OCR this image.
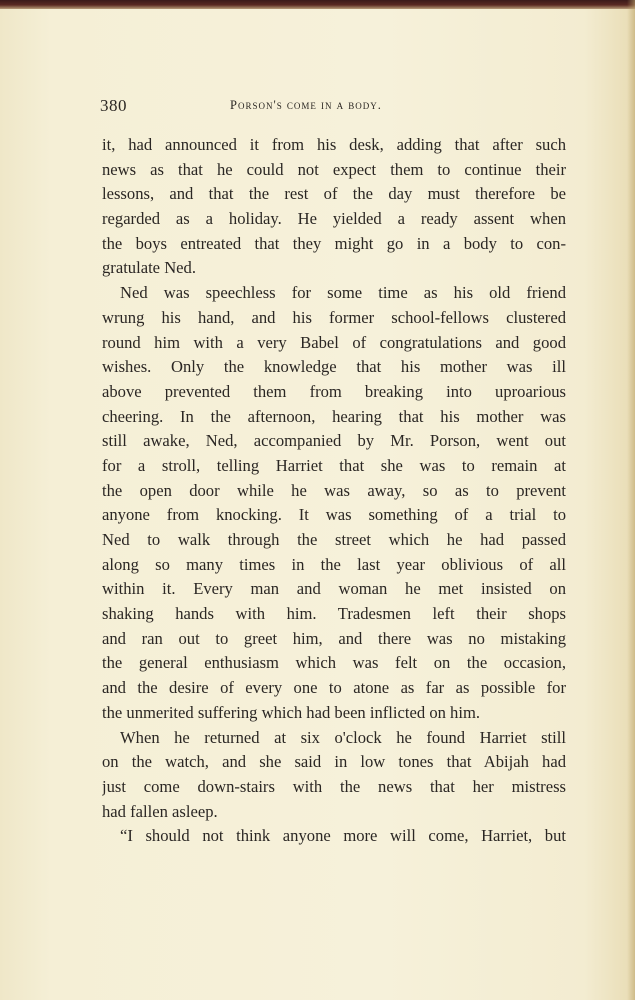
380	Porson's come in a body.
it, had announced it from his desk, adding that after such
news as that he could not expect them to continue their
lessons, and that the rest of the day must therefore be
regarded as a holiday. He yielded a ready assent when
the boys entreated that they might go in a body to con-
gratulate Ned.
Ned was speechless for some time as his old friend
wrung his hand, and his former school-fellows clustered
round him with a very Babel of congratulations and good
wishes. Only the knowledge that his mother was ill
above prevented them from breaking into uproarious
cheering. In the afternoon, hearing that his mother was
still awake, Ned, accompanied by Mr. Porson, went out
for a stroll, telling Harriet that she was to remain at
the open door while he was away, so as to prevent
anyone from knocking. It was something of a trial to
Ned to walk through the street which he had passed
along so many times in the last year oblivious of all
within it. Every man and woman he met insisted on
shaking hands with him. Tradesmen left their shops
and ran out to greet him, and there was no mistaking
the general enthusiasm which was felt on the occasion,
and the desire of every one to atone as far as possible for
the unmerited suffering which had been inflicted on him.
When he returned at six o'clock he found Harriet still
on the watch, and she said in low tones that Abijah had
just come down-stairs with the news that her mistress
had fallen asleep.
“I should not think anyone more will come, Harriet, but
